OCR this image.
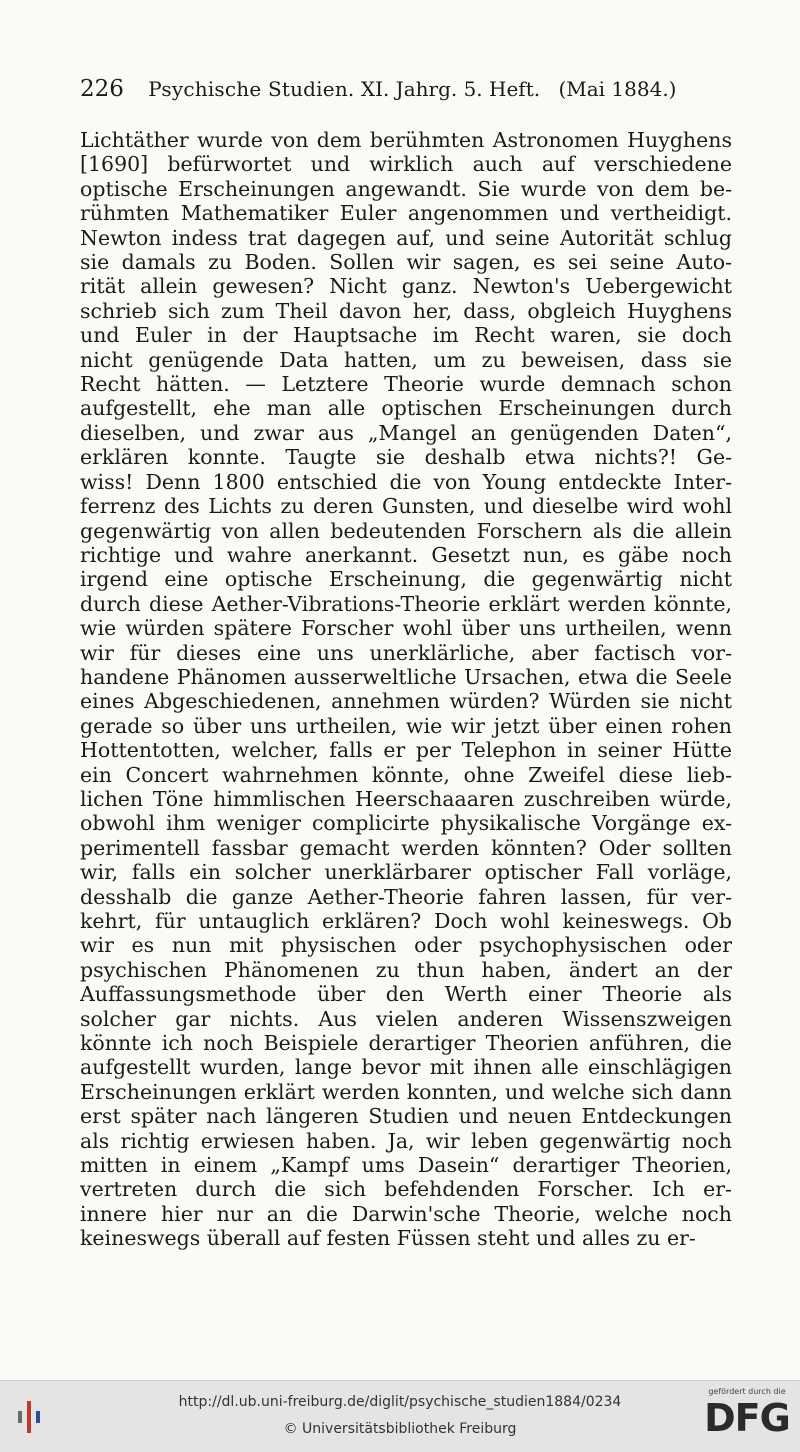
226 Psychische Studien. XI. Jahrg. 5. Heft. (Mai 1884.)
Lichtäther wurde von dem berühmten Astronomen Huyghens
[1690] befürwortet und wirklich auch auf verschiedene
optische Erscheinungen angewandt. Sie wurde von dem be-
rühmten Mathematiker Euler angenommen und vertheidigt.
Newton indess trat dagegen auf, und seine Autorität schlug
sie damals zu Boden. Sollen wir sagen, es sei seine Auto-
rität allein gewesen? Nicht ganz. Newton's Uebergewicht
schrieb sich zum Theil davon her, dass, obgleich Huyghens
und Euler in der Hauptsache im Recht waren, sie doch
nicht genügende Data hatten, um zu beweisen, dass sie
Recht hätten. — Letztere Theorie wurde demnach schon
aufgestellt, ehe man alle optischen Erscheinungen durch
dieselben, und zwar aus „Mangel an genügenden Daten“,
erklären konnte. Taugte sie deshalb etwa nichts?! Ge-
wiss! Denn 1800 entschied die von Young entdeckte Inter-
ferrenz des Lichts zu deren Gunsten, und dieselbe wird wohl
gegenwärtig von allen bedeutenden Forschern als die allein
richtige und wahre anerkannt. Gesetzt nun, es gäbe noch
irgend eine optische Erscheinung, die gegenwärtig nicht
durch diese Aether-Vibrations-Theorie erklärt werden könnte,
wie würden spätere Forscher wohl über uns urtheilen, wenn
wir für dieses eine uns unerklärliche, aber factisch vor-
handene Phänomen ausserweltliche Ursachen, etwa die Seele
eines Abgeschiedenen, annehmen würden? Würden sie nicht
gerade so über uns urtheilen, wie wir jetzt über einen rohen
Hottentotten, welcher, falls er per Telephon in seiner Hütte
ein Concert wahrnehmen könnte, ohne Zweifel diese lieb-
lichen Töne himmlischen Heerschaaaren zuschreiben würde,
obwohl ihm weniger complicirte physikalische Vorgänge ex-
perimentell fassbar gemacht werden könnten? Oder sollten
wir, falls ein solcher unerklärbarer optischer Fall vorläge,
desshalb die ganze Aether-Theorie fahren lassen, für ver-
kehrt, für untauglich erklären? Doch wohl keineswegs. Ob
wir es nun mit physischen oder psychophysischen oder
psychischen Phänomenen zu thun haben, ändert an der
Auffassungsmethode über den Werth einer Theorie als
solcher gar nichts. Aus vielen anderen Wissenszweigen
könnte ich noch Beispiele derartiger Theorien anführen, die
aufgestellt wurden, lange bevor mit ihnen alle einschlägigen
Erscheinungen erklärt werden konnten, und welche sich dann
erst später nach längeren Studien und neuen Entdeckungen
als richtig erwiesen haben. Ja, wir leben gegenwärtig noch
mitten in einem „Kampf ums Dasein“ derartiger Theorien,
vertreten durch die sich befehdenden Forscher. Ich er-
innere hier nur an die Darwin'sche Theorie, welche noch
keineswegs überall auf festen Füssen steht und alles zu er-
http://dl.ub.uni-freiburg.de/diglit/psychische_studien1884/0234
© Universitätsbibliothek Freiburg
gefördert durch die
DFG
